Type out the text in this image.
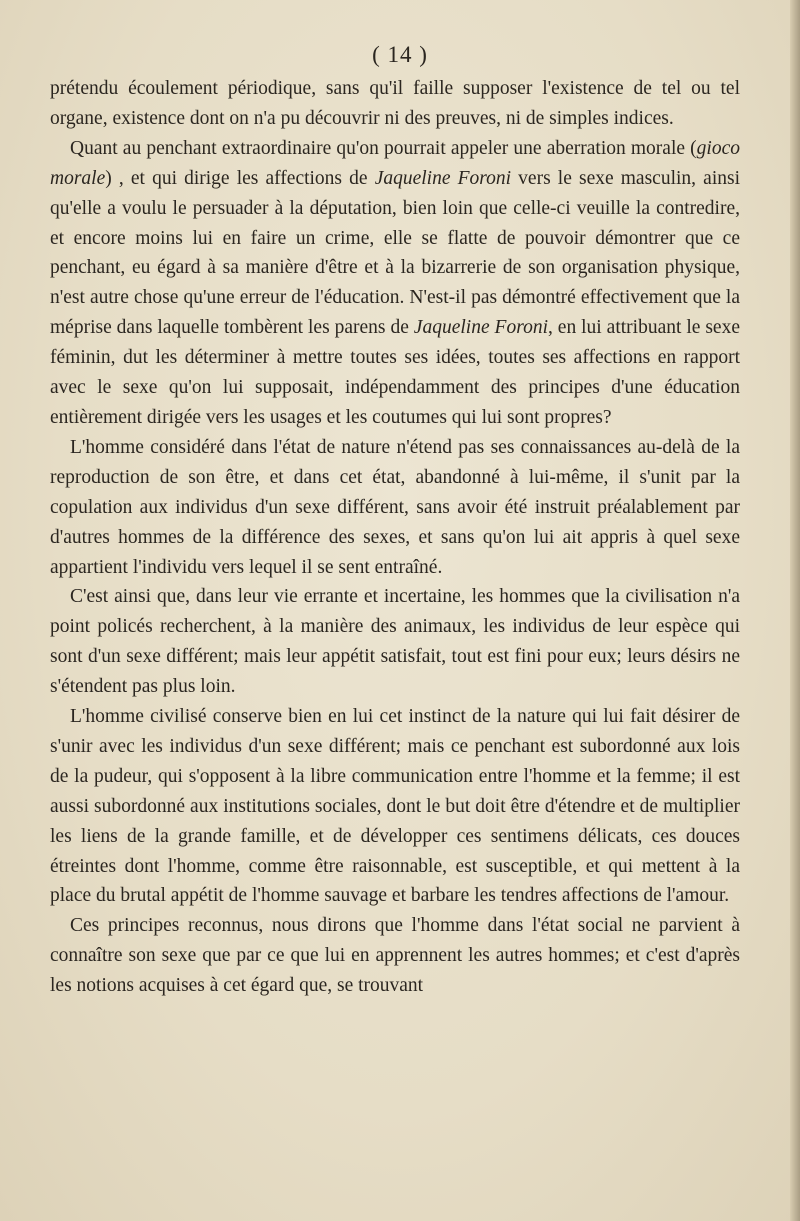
( 14 )

prétendu écoulement périodique, sans qu'il faille supposer l'existence de tel ou tel organe, existence dont on n'a pu découvrir ni des preuves, ni de simples indices.

Quant au penchant extraordinaire qu'on pourrait appeler une aberration morale (gioco morale) , et qui dirige les affections de Jaqueline Foroni vers le sexe masculin, ainsi qu'elle a voulu le persuader à la députation, bien loin que celle-ci veuille la contredire, et encore moins lui en faire un crime, elle se flatte de pouvoir démontrer que ce penchant, eu égard à sa manière d'être et à la bizarrerie de son organisation physique, n'est autre chose qu'une erreur de l'éducation. N'est-il pas démontré effectivement que la méprise dans laquelle tombèrent les parens de Jaqueline Foroni, en lui attribuant le sexe féminin, dut les déterminer à mettre toutes ses idées, toutes ses affections en rapport avec le sexe qu'on lui supposait, indépendamment des principes d'une éducation entièrement dirigée vers les usages et les coutumes qui lui sont propres?

L'homme considéré dans l'état de nature n'étend pas ses connaissances au-delà de la reproduction de son être, et dans cet état, abandonné à lui-même, il s'unit par la copulation aux individus d'un sexe différent, sans avoir été instruit préalablement par d'autres hommes de la différence des sexes, et sans qu'on lui ait appris à quel sexe appartient l'individu vers lequel il se sent entraîné.

C'est ainsi que, dans leur vie errante et incertaine, les hommes que la civilisation n'a point policés recherchent, à la manière des animaux, les individus de leur espèce qui sont d'un sexe différent; mais leur appétit satisfait, tout est fini pour eux; leurs désirs ne s'étendent pas plus loin.

L'homme civilisé conserve bien en lui cet instinct de la nature qui lui fait désirer de s'unir avec les individus d'un sexe différent; mais ce penchant est subordonné aux lois de la pudeur, qui s'opposent à la libre communication entre l'homme et la femme; il est aussi subordonné aux institutions sociales, dont le but doit être d'étendre et de multiplier les liens de la grande famille, et de développer ces sentimens délicats, ces douces étreintes dont l'homme, comme être raisonnable, est susceptible, et qui mettent à la place du brutal appétit de l'homme sauvage et barbare les tendres affections de l'amour.

Ces principes reconnus, nous dirons que l'homme dans l'état social ne parvient à connaître son sexe que par ce que lui en apprennent les autres hommes; et c'est d'après les notions acquises à cet égard que, se trouvant
